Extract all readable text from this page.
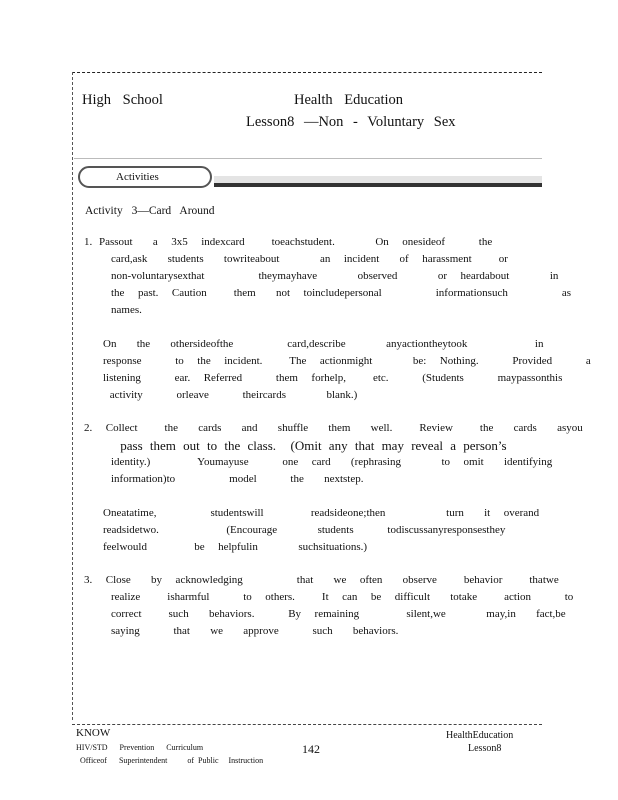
High School	Health Education
Lesson8 —Non - Voluntary Sex
Activities
Activity 3—Card Around
1. Passout   a  3x5  indexcard    toeachstudent.      On  onesideof     the
card,ask   students   towriteabout      an  incident   of  harassment    or
non-voluntarysexthat        theymayhave      observed      or  heardabout      in
the  past.  Caution    them   not  toincludepersonal        informationsuch        as
names.
On   the   othersideofthe        card,describe      anyactiontheytook          in
response     to  the  incident.    The  actionmight      be:  Nothing.     Provided     a
listening     ear.  Referred     them  forhelp,    etc.     (Students     maypassonthis
activity     orleave     theircards      blank.)
2.  Collect    the   cards   and   shuffle   them   well.    Review    the   cards   asyou
pass them out to the class.  (Omit any that may reveal a person’s
identity.)       Youmayuse     one  card   (rephrasing      to  omit   identifying
information)to        model     the   nextstep.
Oneatatime,        studentswill       readsideone;then         turn   it  overand
readsidetwo.          (Encourage      students     todiscussanyresponsesthey
feelwould       be  helpfulin      suchsituations.)
3.  Close   by  acknowledging        that   we  often   observe    behavior    thatwe
realize    isharmful     to  others.    It  can  be  difficult   totake    action     to
correct    such   behaviors.     By  remaining       silent,we      may,in   fact,be
saying     that   we   approve     such   behaviors.
KNOW
HIV/STD      Prevention      Curriculum
Officeof      Superintendent          of  Public     Instruction
142
HealthEducation
Lesson8
